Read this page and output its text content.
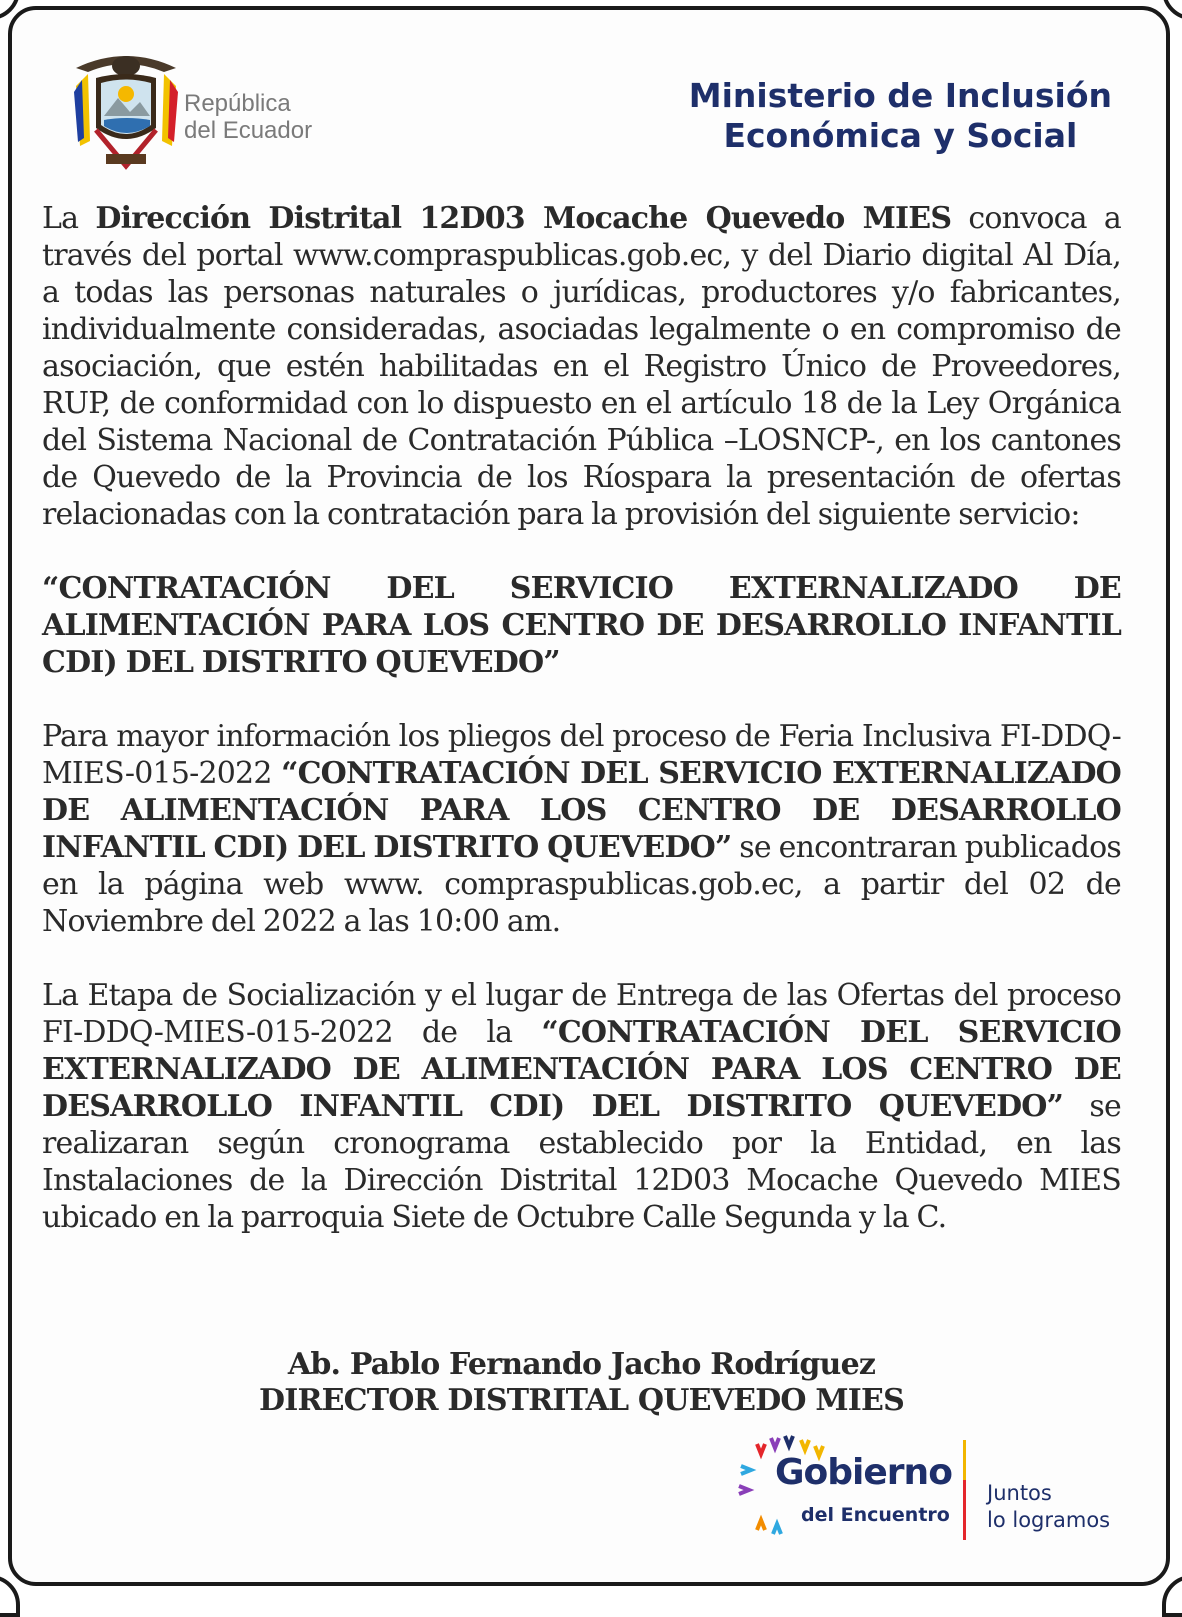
República
del Ecuador
Ministerio de Inclusión
Económica y Social

La Dirección Distrital 12D03 Mocache Quevedo MIES convoca a través del portal www.compraspublicas.gob.ec, y del Diario digital Al Día, a todas las personas naturales o jurídicas, productores y/o fabricantes, individualmente consideradas, asociadas legalmente o en compromiso de asociación, que estén habilitadas en el Registro Único de Proveedores, RUP, de conformidad con lo dispuesto en el artículo 18 de la Ley Orgánica del Sistema Nacional de Contratación Pública –LOSNCP-, en los cantones de Quevedo de la Provincia de los Ríospara la presentación de ofertas relacionadas con la contratación para la provisión del siguiente servicio:

“CONTRATACIÓN DEL SERVICIO EXTERNALIZADO DE ALIMENTACIÓN PARA LOS CENTRO DE DESARROLLO INFANTIL CDI) DEL DISTRITO QUEVEDO”

Para mayor información los pliegos del proceso de Feria Inclusiva FI-DDQ-MIES-015-2022 “CONTRATACIÓN DEL SERVICIO EXTERNALIZADO DE ALIMENTACIÓN PARA LOS CENTRO DE DESARROLLO INFANTIL CDI) DEL DISTRITO QUEVEDO” se encontraran publicados en la página web www. compraspublicas.gob.ec, a partir del 02 de Noviembre del 2022 a las 10:00 am.

La Etapa de Socialización y el lugar de Entrega de las Ofertas del proceso FI-DDQ-MIES-015-2022 de la “CONTRATACIÓN DEL SERVICIO EXTERNALIZADO DE ALIMENTACIÓN PARA LOS CENTRO DE DESARROLLO INFANTIL CDI) DEL DISTRITO QUEVEDO” se realizaran según cronograma establecido por la Entidad, en las Instalaciones de la Dirección Distrital 12D03 Mocache Quevedo MIES ubicado en la parroquia Siete de Octubre Calle Segunda y la C.

Ab. Pablo Fernando Jacho Rodríguez
DIRECTOR DISTRITAL QUEVEDO MIES
Gobierno
del Encuentro
Juntos
lo logramos
